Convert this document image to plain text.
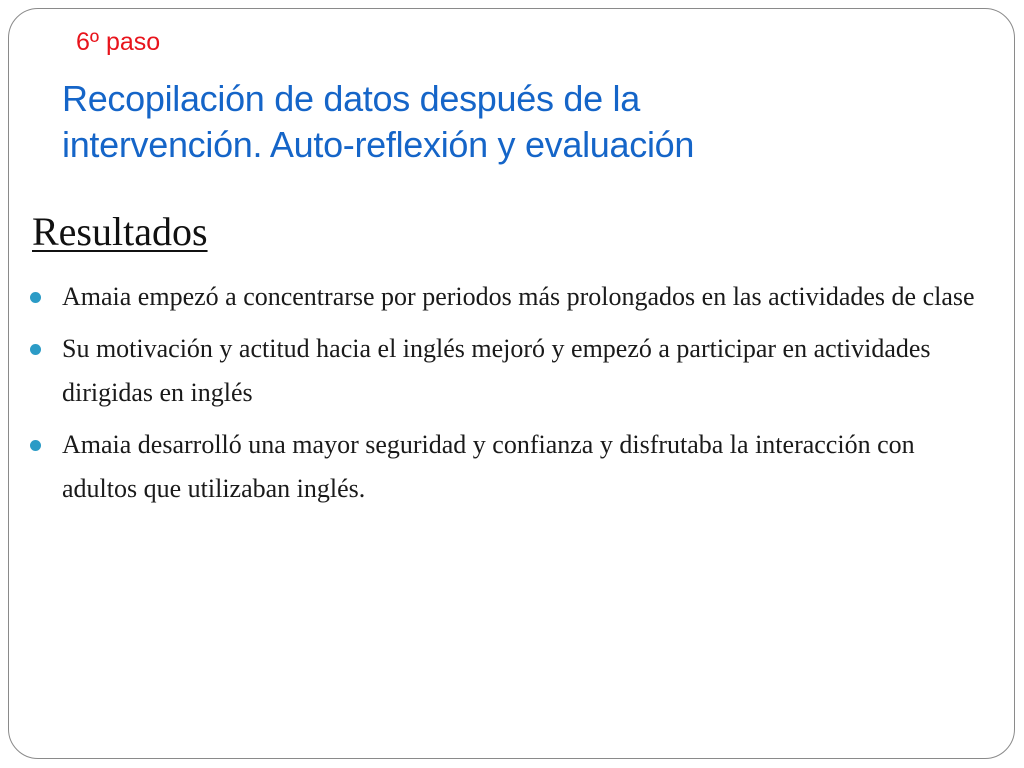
6º paso
Recopilación de datos después de la
intervención. Auto-reflexión y evaluación
Resultados
Amaia empezó a concentrarse por periodos más prolongados en las actividades de clase
Su motivación y actitud hacia el inglés mejoró y empezó a participar en actividades dirigidas en inglés
Amaia desarrolló una mayor seguridad y confianza y disfrutaba la interacción con adultos que utilizaban inglés.
